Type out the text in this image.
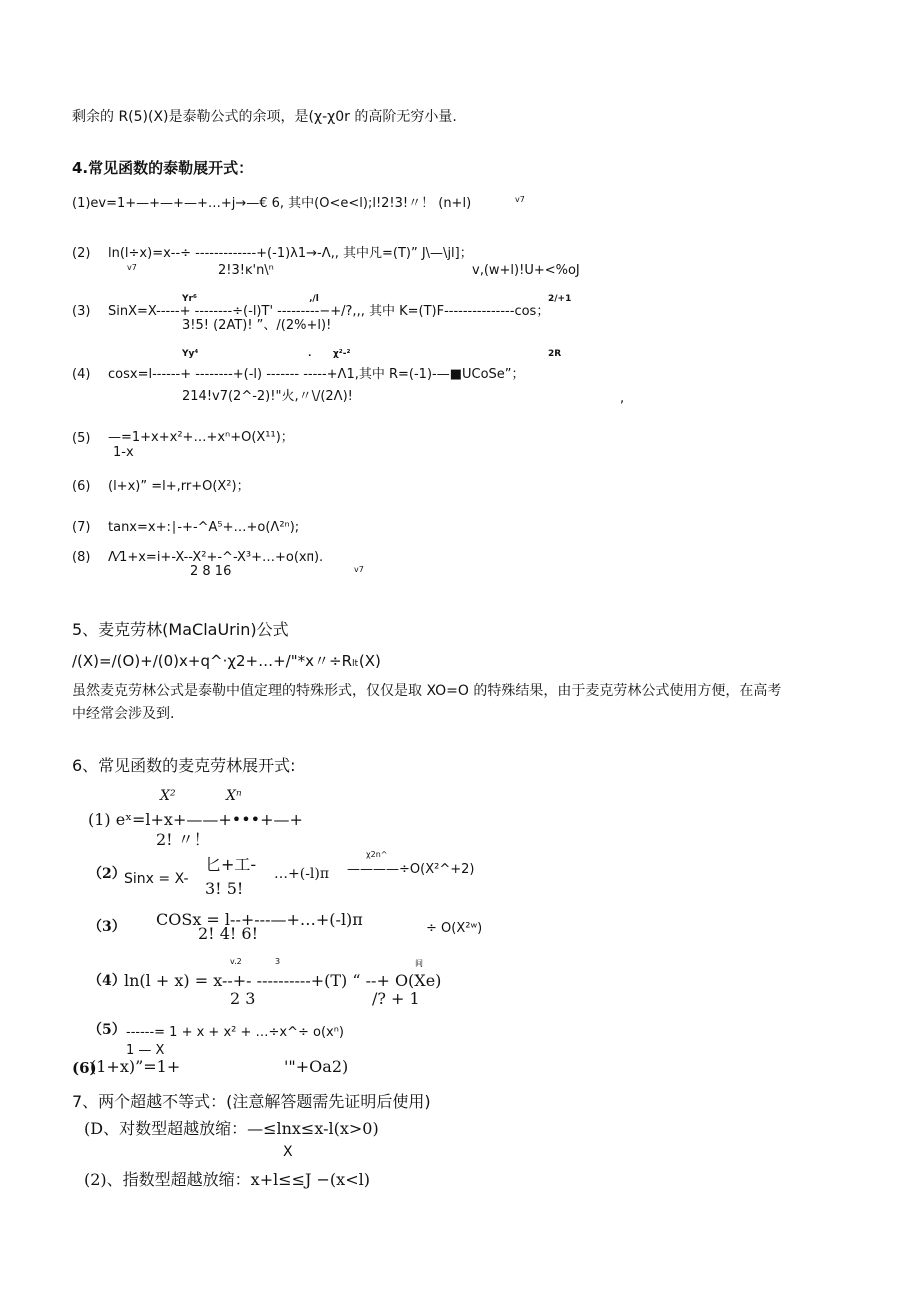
剩余的 R(5)(X)是泰勒公式的余项，是(χ-χ0r 的高阶无穷小量.
4.常见函数的泰勒展开式：
(1)ev=1+—+—+—+…+j→—€ 6, 其中(O<e<l);l!2!3!〃！ (n+l)	v7
(2) ln(l÷x)=x--÷ -------------+(-1)λ1→-Λ‚, 其中凡=(T)” J\—\jl]；
v7	2!3!ĸ'n\ⁿ	v‚(w+l)!U+<%oJ
Yr⁶	‚/l	2/+1
(3) SinX=X-----+ --------÷(-l)T' ---------−+/?,,, 其中 K=(T)F---------------cos；
3!5! (2AT)! ”、/(2%+l)!
Yy⁴	. χ²‑²	2R
(4) cosx=l------+ --------+(-l) ------- -----+Λ1,其中 R=(-1)-—■UCoSe”；
214!v7(2^-2)!"火,〃\/(2Λ)!	,
(5) —=1+x+x²+…+xⁿ+O(X¹¹)；
1-x
(6) (l+x)” =l+,rr+O(X²)；
(7) tanx=x+:∣-+-^A⁵+…+o(Λ²ⁿ);
(8) Λ⁄1+x=i+-X--X²+-^-X³+…+o(xᴨ).
2 8 16	v7
5、麦克劳林(MaClaUrin)公式
/(X)=/(O)+/(0)x+q^·χ2+…+/"*x〃÷Rₗₜ(X)
虽然麦克劳林公式是泰勒中值定理的特殊形式，仅仅是取 XO=O 的特殊结果，由于麦克劳林公式使用方便，在高考
中经常会涉及到.
6、常见函数的麦克劳林展开式:
X²	Xⁿ
(1) eˣ=l+x+——+•••+—+
2! 〃！
（2）
Sinx = X-
匕+工- …+(-l)π
χ2n^
————÷O(X²^+2)
3! 5!
（3） COSx = l--+---—+…+(-l)π
2! 4! 6!	÷ O(X²ʷ)
v.2	3	间
（4）
ln(l + x) = x--+- ----------+(T) “ --+ O(Xe)
2 3	/? + 1
（5） ------= 1 + x + x² + …÷x^÷ o(xⁿ)
1 — X
(6)
(1+x)”=1+	'"+Oa2)
7、两个超越不等式：(注意解答题需先证明后使用)
(D、对数型超越放缩：—≤lnx≤x-l(x>0)
X
(2)、指数型超越放缩：x+l≤≤J −(x<l)
